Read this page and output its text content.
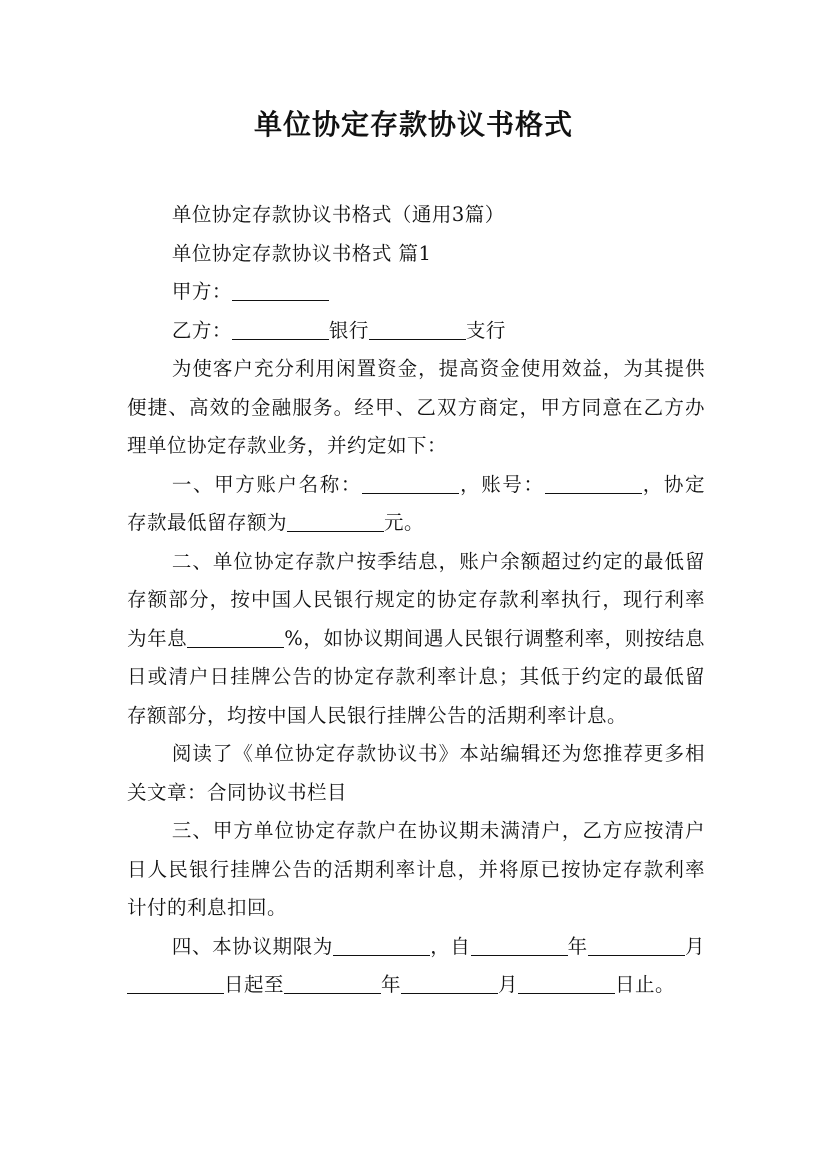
单位协定存款协议书格式

单位协定存款协议书格式（通用3篇）

单位协定存款协议书格式 篇1

甲方：

乙方：	银行	支行

为使客户充分利用闲置资金，提高资金使用效益，为其提供便捷、高效的金融服务。经甲、乙双方商定，甲方同意在乙方办理单位协定存款业务，并约定如下：

一、甲方账户名称：	，账号：	，协定存款最低留存额为	元。

二、单位协定存款户按季结息，账户余额超过约定的最低留存额部分，按中国人民银行规定的协定存款利率执行，现行利率为年息	%，如协议期间遇人民银行调整利率，则按结息日或清户日挂牌公告的协定存款利率计息；其低于约定的最低留存额部分，均按中国人民银行挂牌公告的活期利率计息。

阅读了《单位协定存款协议书》本站编辑还为您推荐更多相关文章：合同协议书栏目

三、甲方单位协定存款户在协议期未满清户，乙方应按清户日人民银行挂牌公告的活期利率计息，并将原已按协定存款利率计付的利息扣回。

四、本协议期限为	，自	年	月日起至	年	月	日止。
